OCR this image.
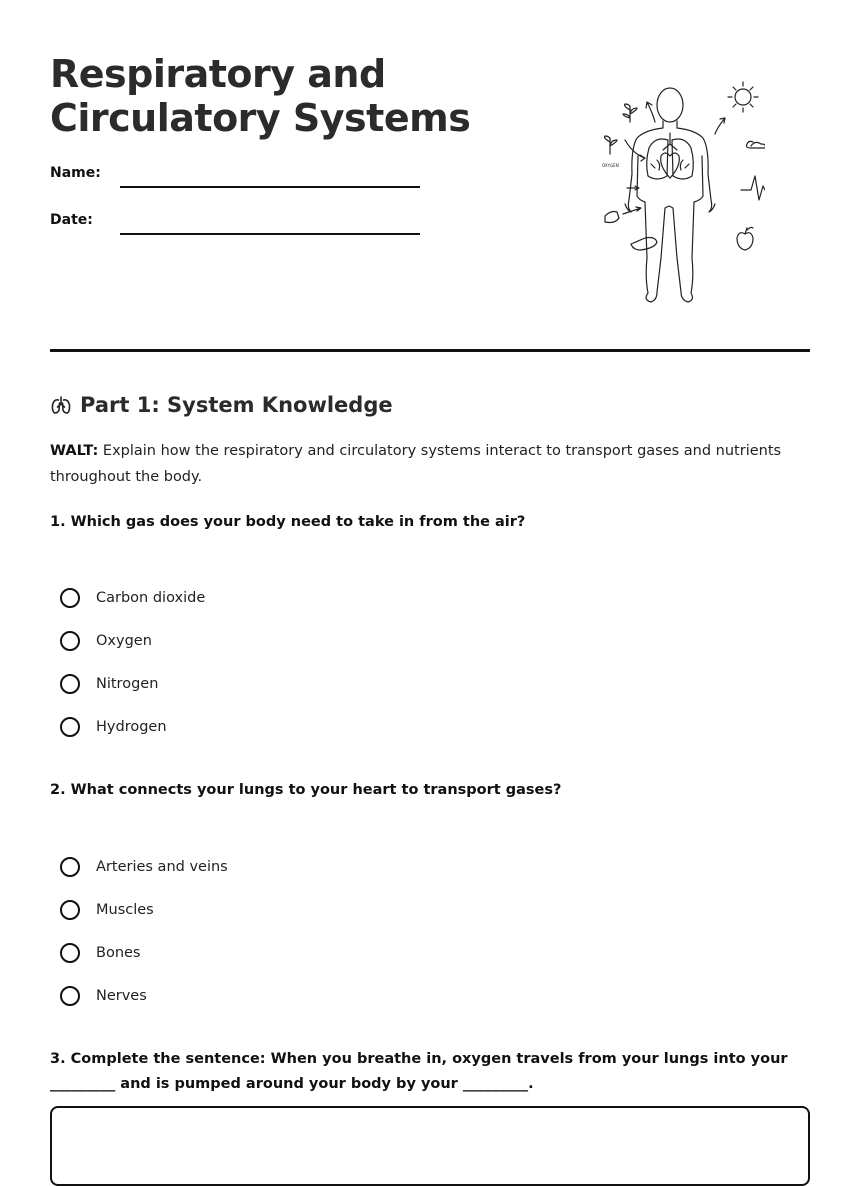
Respiratory and
Circulatory Systems
Name:
Date:
OXYGEN
Part 1: System Knowledge

WALT: Explain how the respiratory and circulatory systems interact to transport gases and nutrients throughout the body.

1. Which gas does your body need to take in from the air?
Carbon dioxide
Oxygen
Nitrogen
Hydrogen
2. What connects your lungs to your heart to transport gases?
Arteries and veins
Muscles
Bones
Nerves
3. Complete the sentence: When you breathe in, oxygen travels from your lungs into your _________ and is pumped around your body by your _________.
